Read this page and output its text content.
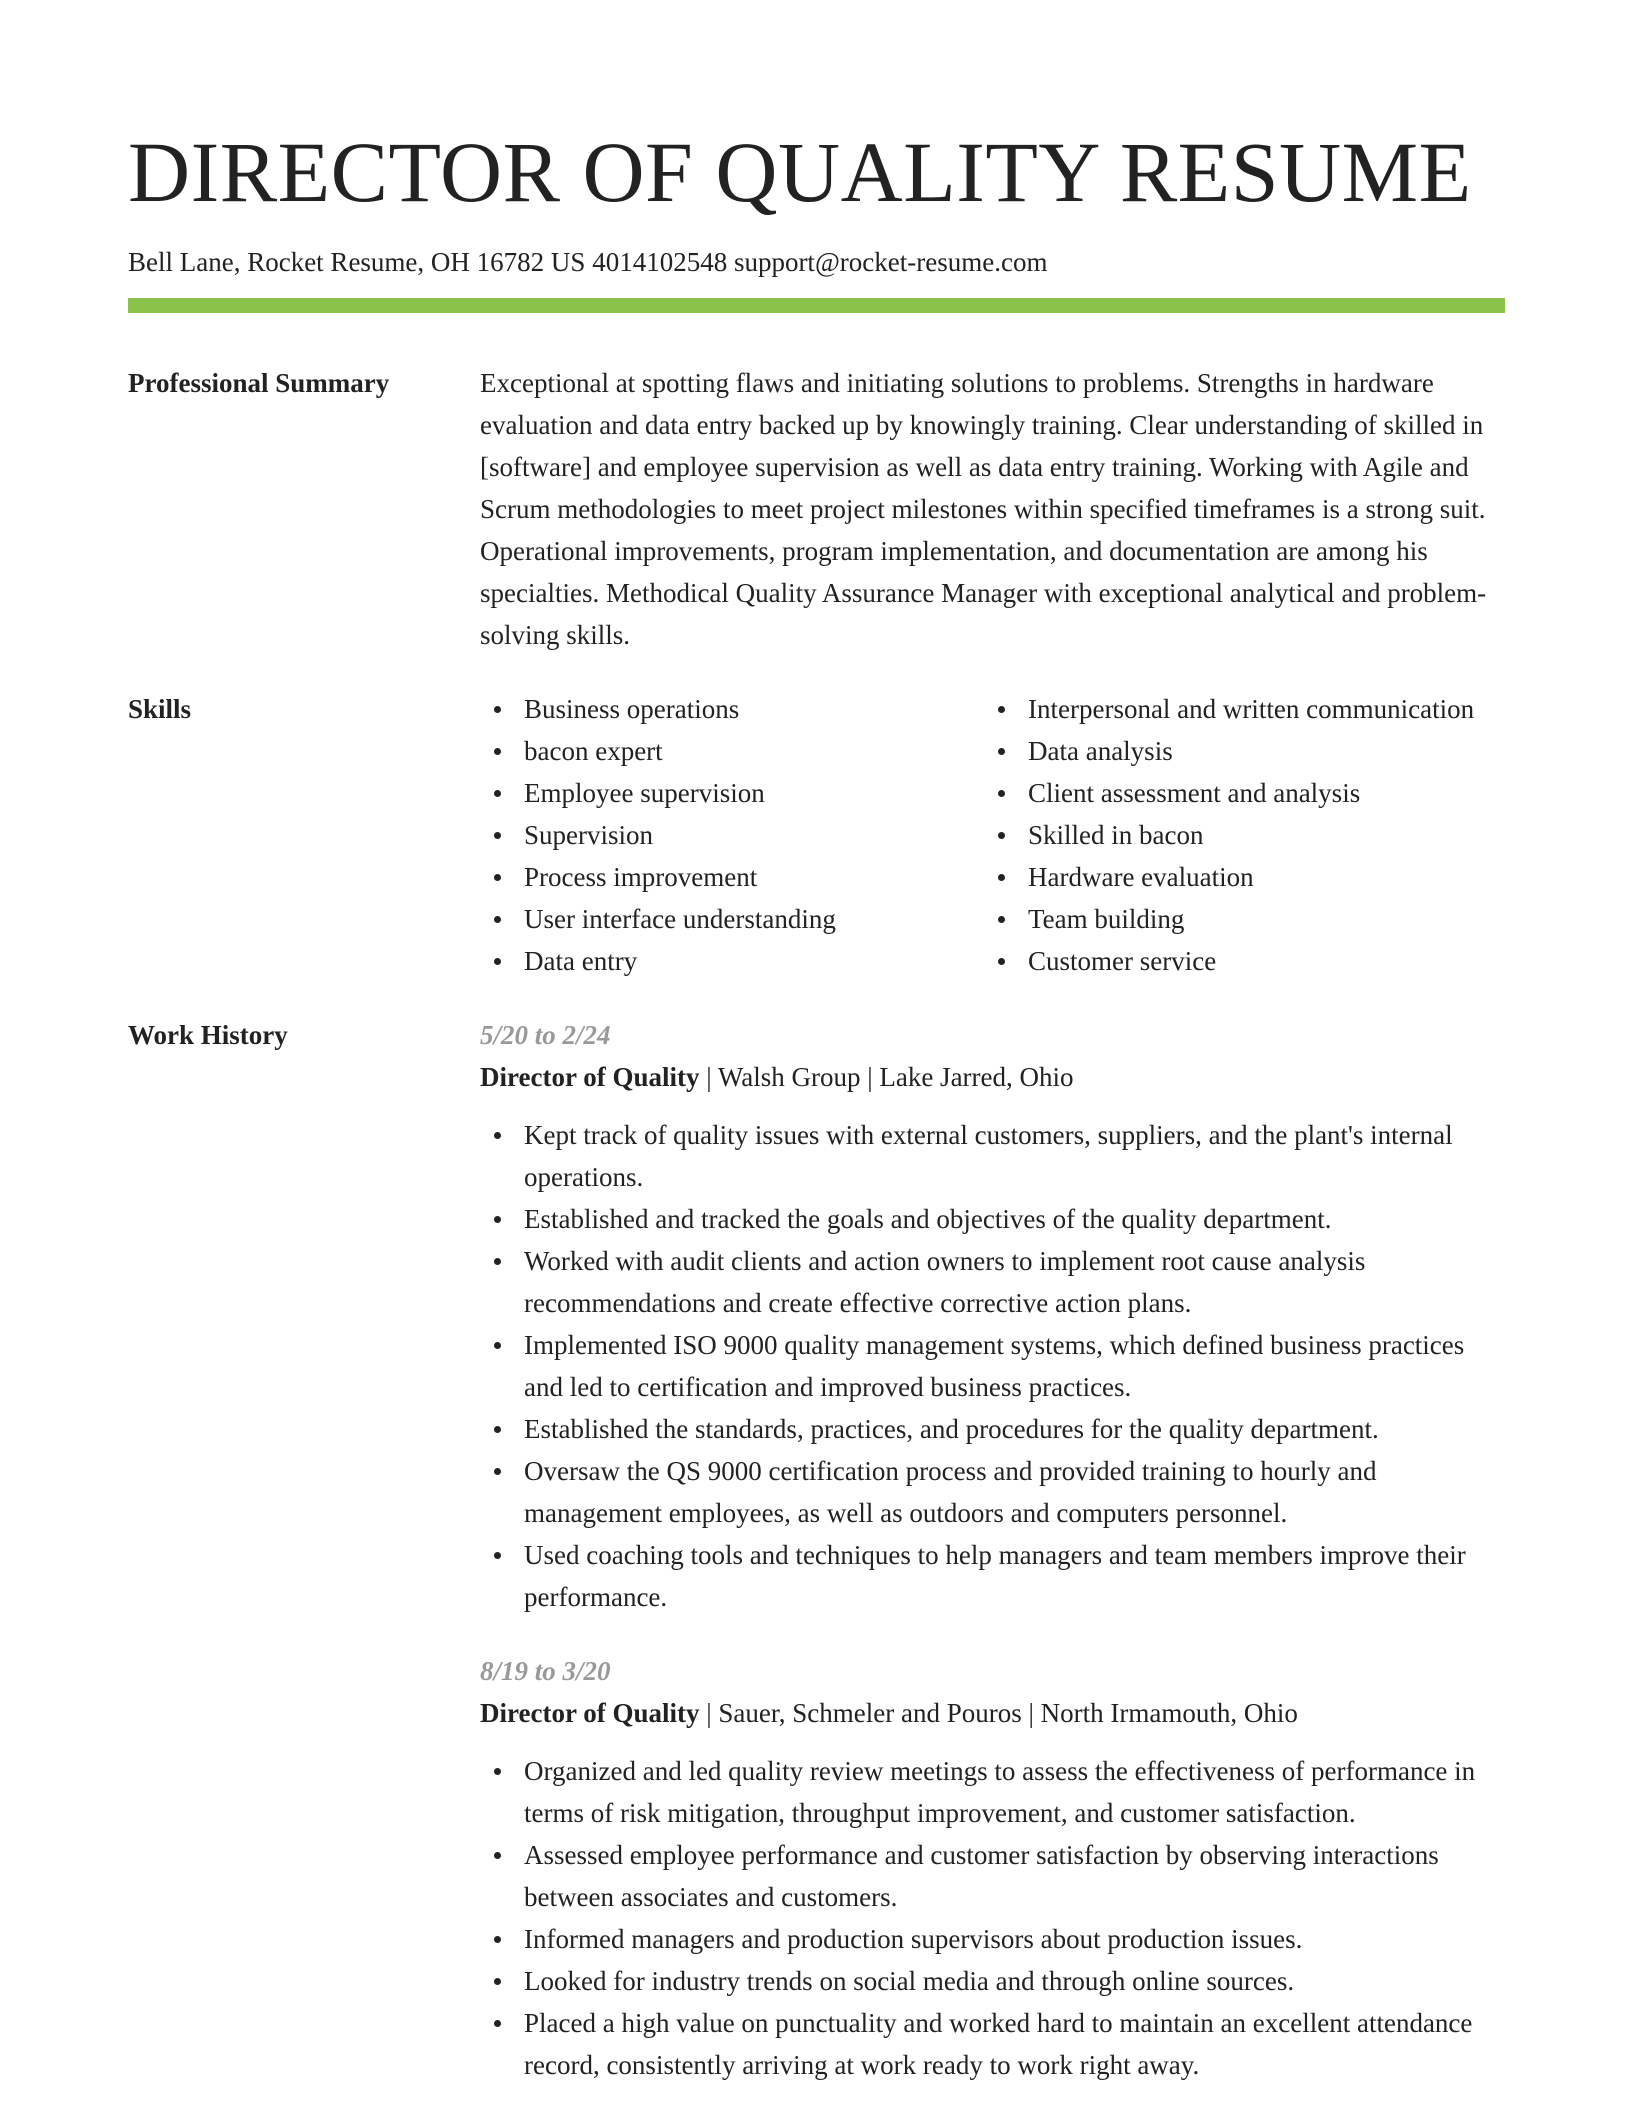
DIRECTOR OF QUALITY RESUME
Bell Lane, Rocket Resume, OH 16782 US 4014102548 support@rocket-resume.com
Professional Summary	Exceptional at spotting flaws and initiating solutions to problems. Strengths in hardware evaluation and data entry backed up by knowingly training. Clear understanding of skilled in [software] and employee supervision as well as data entry training. Working with Agile and Scrum methodologies to meet project milestones within specified timeframes is a strong suit. Operational improvements, program implementation, and documentation are among his specialties. Methodical Quality Assurance Manager with exceptional analytical and problem-solving skills.

Skills	Business operations
bacon expert
Employee supervision
Supervision
Process improvement
User interface understanding
Data entry
Interpersonal and written communication
Data analysis
Client assessment and analysis
Skilled in bacon
Hardware evaluation
Team building
Customer service
Work History	5/20 to 2/24
Director of Quality | Walsh Group | Lake Jarred, Ohio
Kept track of quality issues with external customers, suppliers, and the plant's internal operations.
Established and tracked the goals and objectives of the quality department.
Worked with audit clients and action owners to implement root cause analysis recommendations and create effective corrective action plans.
Implemented ISO 9000 quality management systems, which defined business practices and led to certification and improved business practices.
Established the standards, practices, and procedures for the quality department.
Oversaw the QS 9000 certification process and provided training to hourly and management employees, as well as outdoors and computers personnel.
Used coaching tools and techniques to help managers and team members improve their performance.
8/19 to 3/20
Director of Quality | Sauer, Schmeler and Pouros | North Irmamouth, Ohio
Organized and led quality review meetings to assess the effectiveness of performance in terms of risk mitigation, throughput improvement, and customer satisfaction.
Assessed employee performance and customer satisfaction by observing interactions between associates and customers.
Informed managers and production supervisors about production issues.
Looked for industry trends on social media and through online sources.
Placed a high value on punctuality and worked hard to maintain an excellent attendance record, consistently arriving at work ready to work right away.
